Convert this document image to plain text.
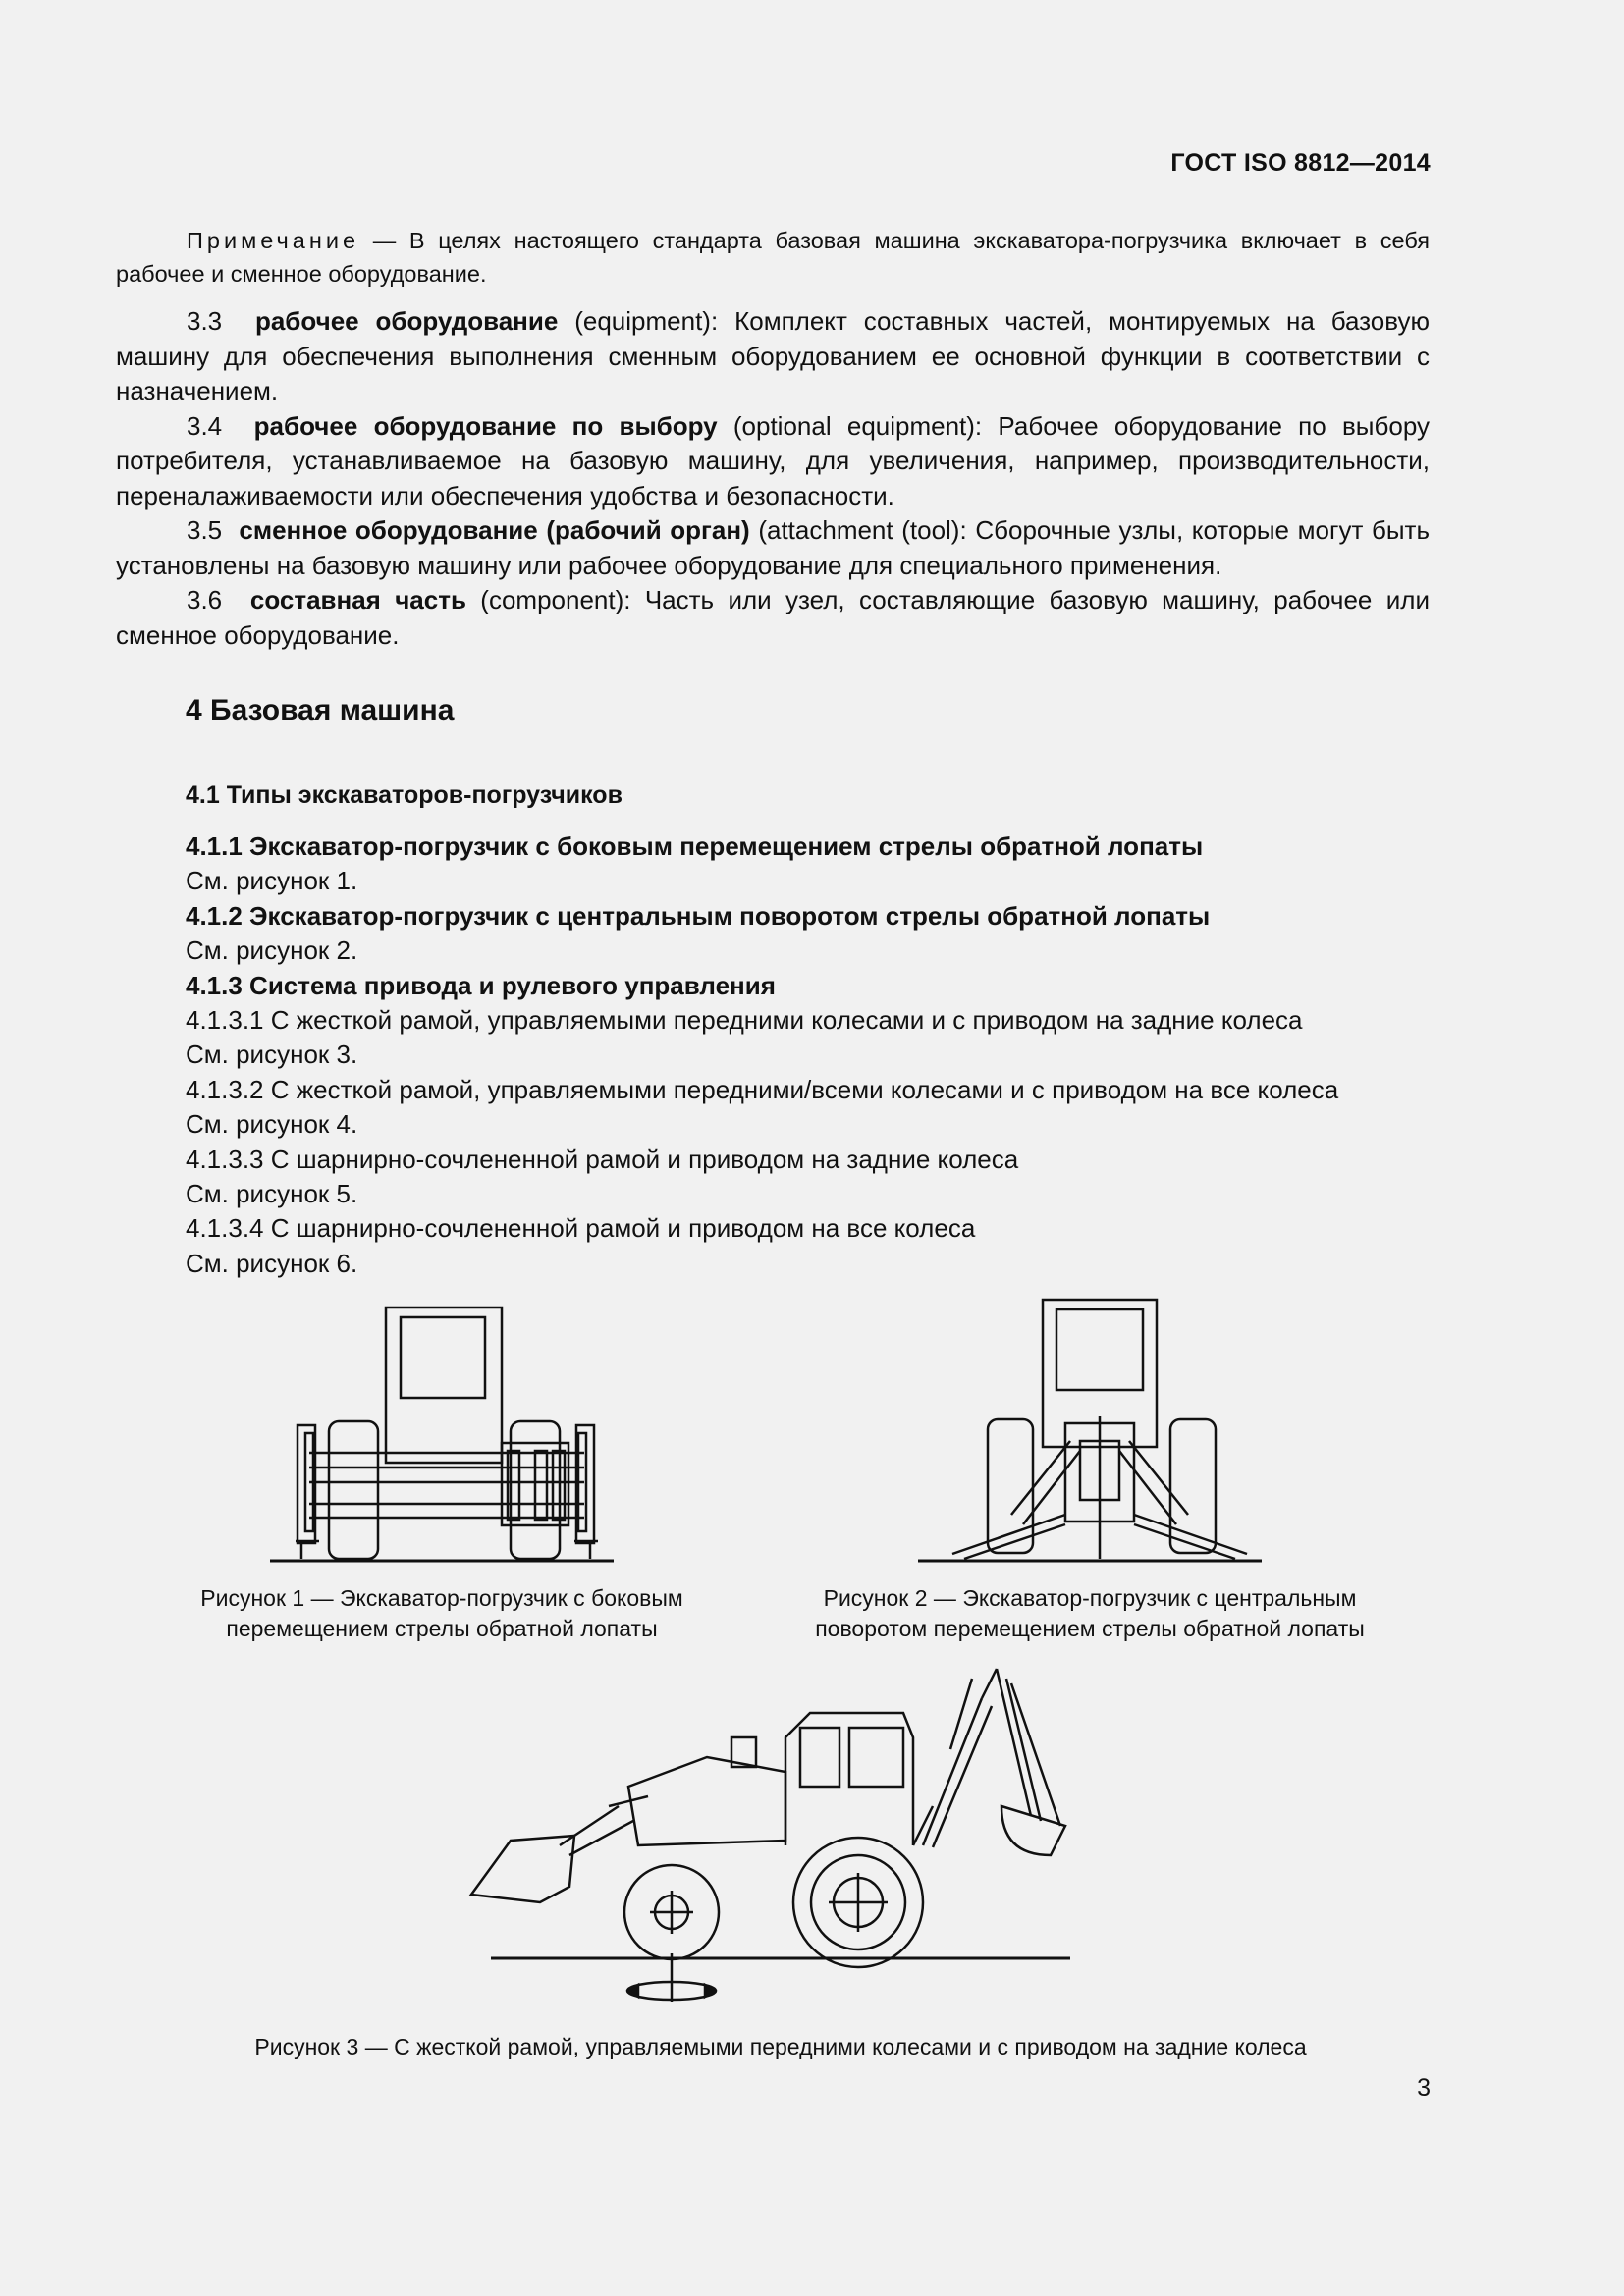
ГОСТ ISO 8812—2014
Примечание — В целях настоящего стандарта базовая машина экскаватора-погрузчика включает в себя рабочее и сменное оборудование.

3.3 рабочее оборудование (equipment): Комплект составных частей, монтируемых на базовую машину для обеспечения выполнения сменным оборудованием ее основной функции в соответствии с назначением.

3.4 рабочее оборудование по выбору (optional equipment): Рабочее оборудование по выбору потребителя, устанавливаемое на базовую машину, для увеличения, например, производительности, переналаживаемости или обеспечения удобства и безопасности.

3.5 сменное оборудование (рабочий орган) (attachment (tool): Сборочные узлы, которые могут быть установлены на базовую машину или рабочее оборудование для специального применения.

3.6 составная часть (component): Часть или узел, составляющие базовую машину, рабочее или сменное оборудование.

4 Базовая машина
4.1 Типы экскаваторов-погрузчиков
4.1.1 Экскаватор-погрузчик с боковым перемещением стрелы обратной лопаты
См. рисунок 1.
4.1.2 Экскаватор-погрузчик с центральным поворотом стрелы обратной лопаты
См. рисунок 2.
4.1.3 Система привода и рулевого управления
4.1.3.1 С жесткой рамой, управляемыми передними колесами и с приводом на задние колеса
См. рисунок 3.
4.1.3.2 С жесткой рамой, управляемыми передними/всеми колесами и с приводом на все колеса
См. рисунок 4.
4.1.3.3 С шарнирно-сочлененной рамой и приводом на задние колеса
См. рисунок 5.
4.1.3.4 С шарнирно-сочлененной рамой и приводом на все колеса
См. рисунок 6.
Рисунок 1 — Экскаватор-погрузчик с боковым
перемещением стрелы обратной лопаты
Рисунок 2 — Экскаватор-погрузчик с центральным
поворотом перемещением стрелы обратной лопаты
Рисунок 3 — С жесткой рамой, управляемыми передними колесами и с приводом на задние колеса
3
